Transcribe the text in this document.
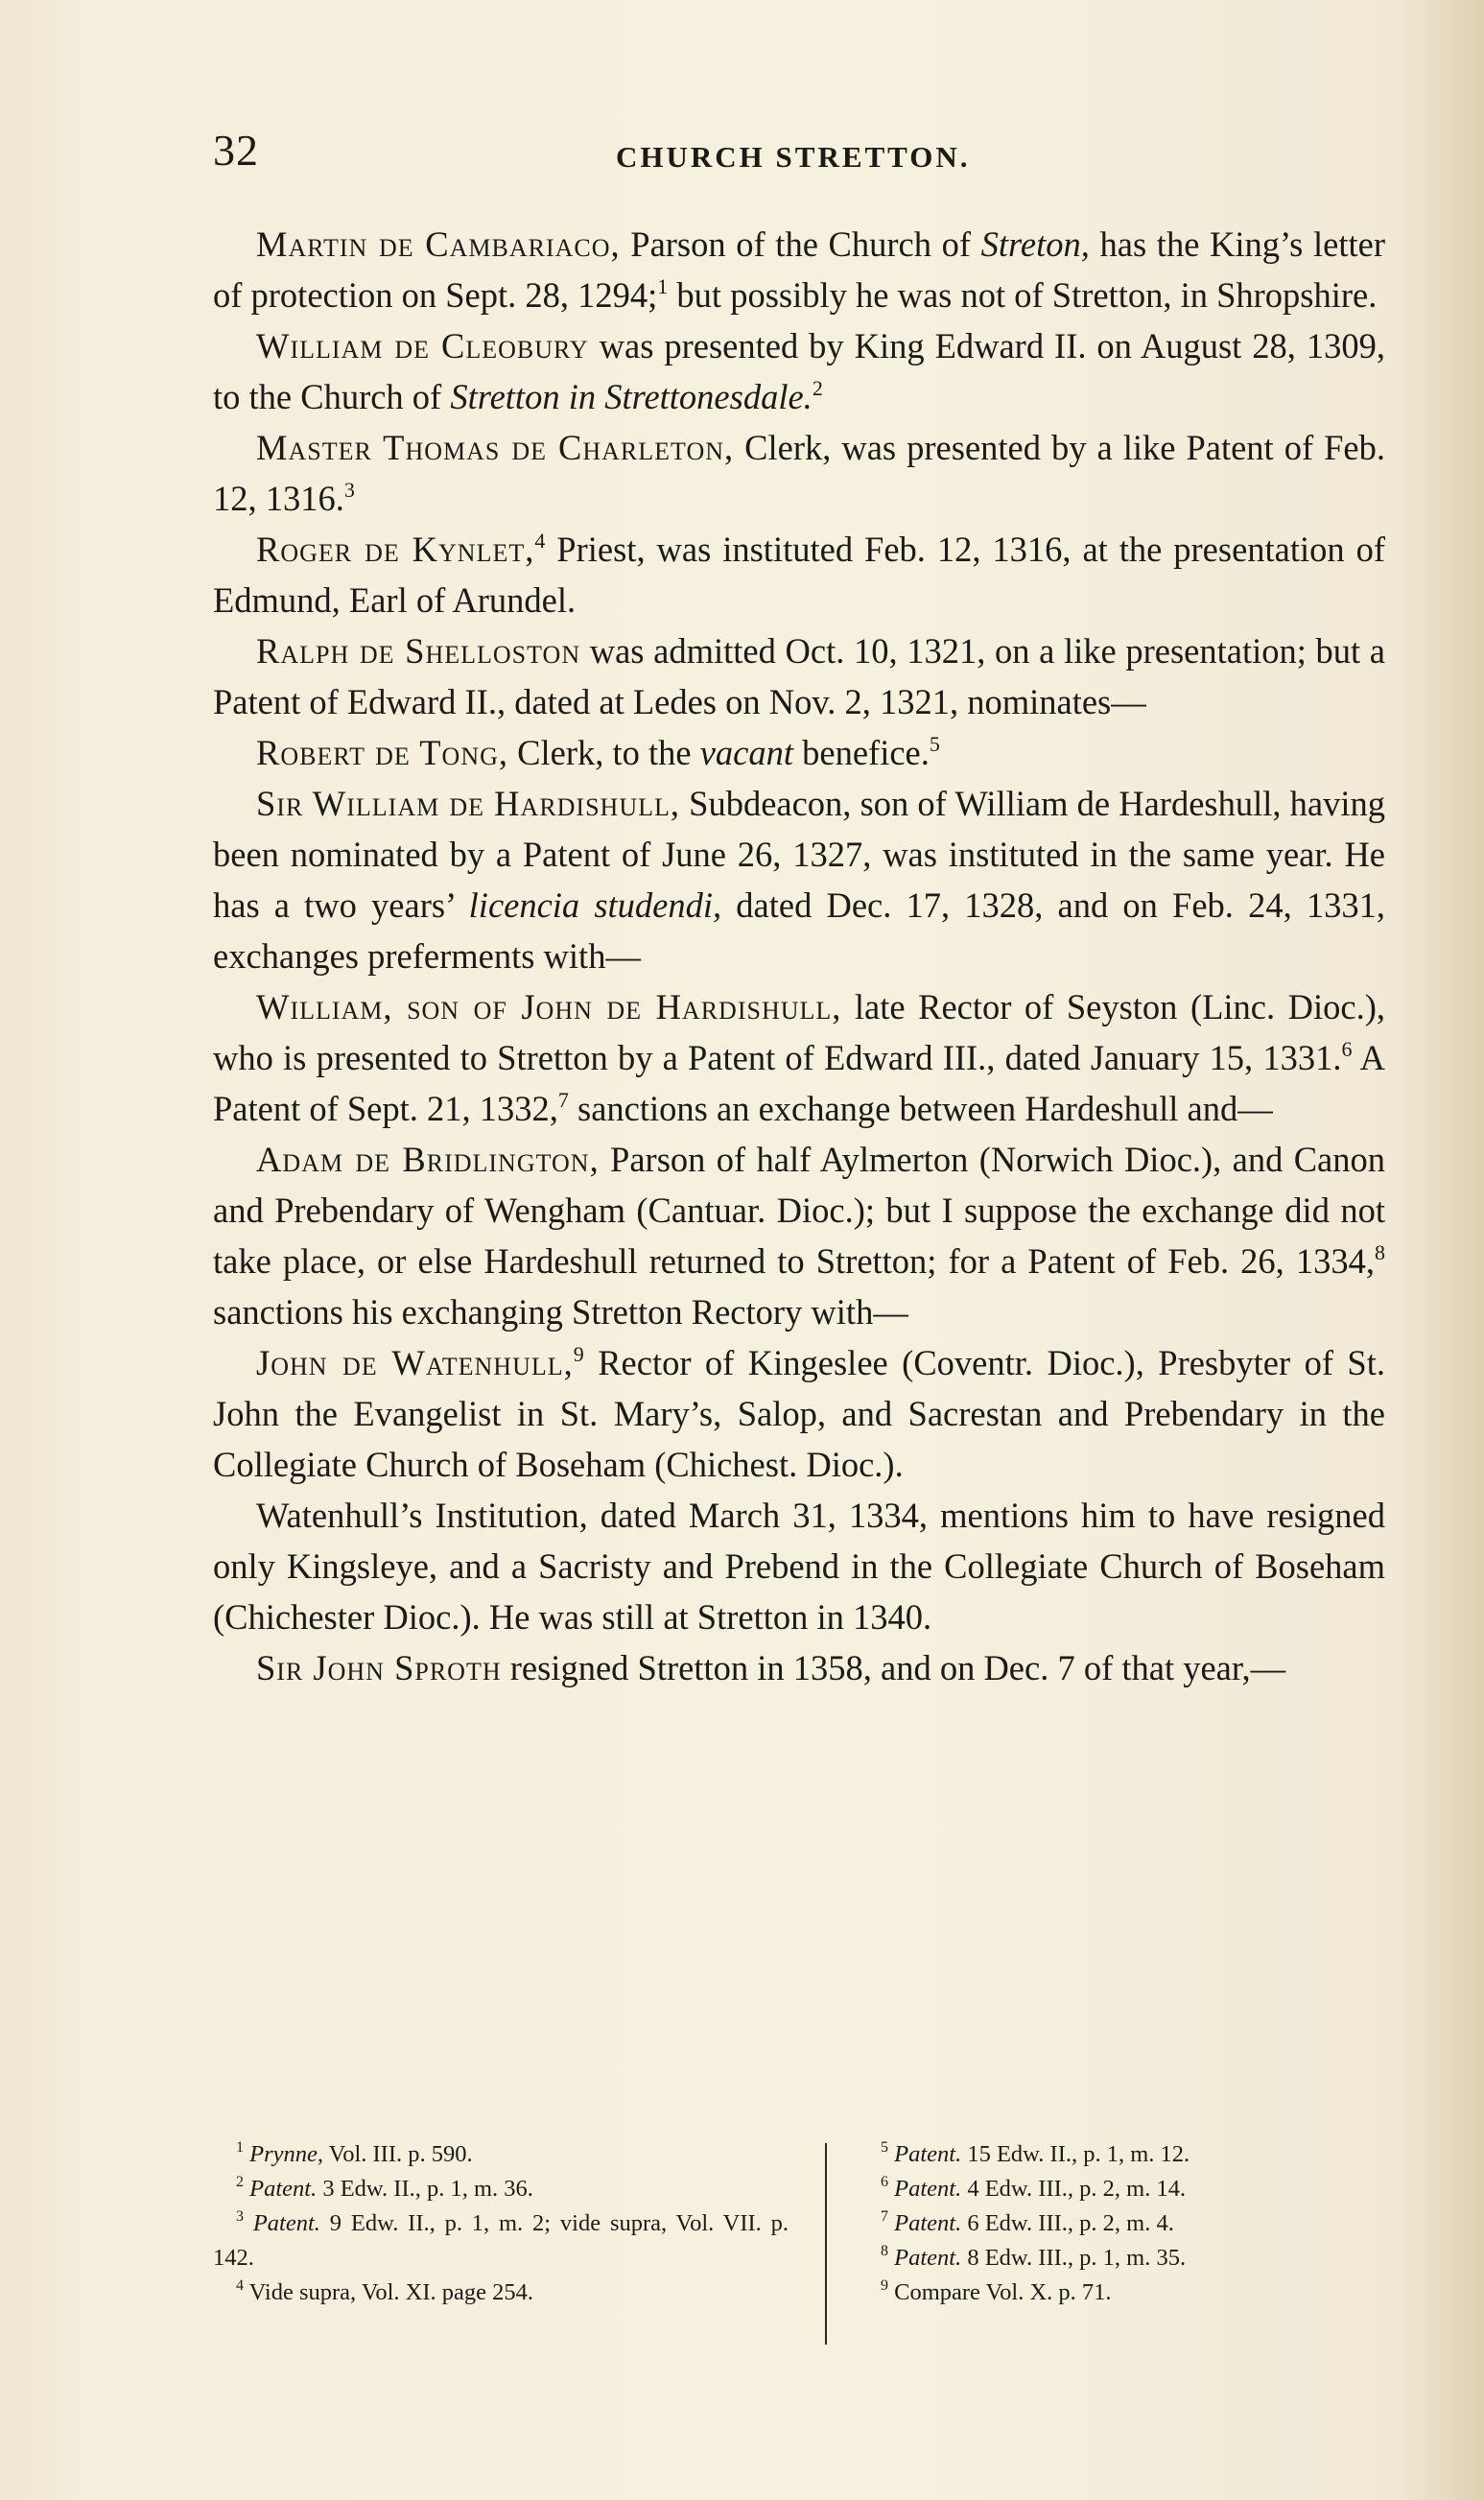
32	CHURCH STRETTON.

Martin de Cambariaco, Parson of the Church of Streton, has the King’s letter of protection on Sept. 28, 1294;$^1$ but possibly he was not of Stretton, in Shropshire.

William de Cleobury was presented by King Edward II. on August 28, 1309, to the Church of Stretton in Strettonesdale.$^2$

Master Thomas de Charleton, Clerk, was presented by a like Patent of Feb. 12, 1316.$^3$

Roger de Kynlet,$^4$ Priest, was instituted Feb. 12, 1316, at the presentation of Edmund, Earl of Arundel.

Ralph de Shelloston was admitted Oct. 10, 1321, on a like presentation; but a Patent of Edward II., dated at Ledes on Nov. 2, 1321, nominates—

Robert de Tong, Clerk, to the vacant benefice.$^5$

Sir William de Hardishull, Subdeacon, son of William de Hardeshull, having been nominated by a Patent of June 26, 1327, was instituted in the same year. He has a two years’ licencia studendi, dated Dec. 17, 1328, and on Feb. 24, 1331, exchanges preferments with—

William, son of John de Hardishull, late Rector of Seyston (Linc. Dioc.), who is presented to Stretton by a Patent of Edward III., dated January 15, 1331.$^6$ A Patent of Sept. 21, 1332,$^7$ sanctions an exchange between Hardeshull and—

Adam de Bridlington, Parson of half Aylmerton (Norwich Dioc.), and Canon and Prebendary of Wengham (Cantuar. Dioc.); but I suppose the exchange did not take place, or else Hardeshull returned to Stretton; for a Patent of Feb. 26, 1334,$^8$ sanctions his exchanging Stretton Rectory with—

John de Watenhull,$^9$ Rector of Kingeslee (Coventr. Dioc.), Presbyter of St. John the Evangelist in St. Mary’s, Salop, and Sacrestan and Prebendary in the Collegiate Church of Boseham (Chichest. Dioc.).

Watenhull’s Institution, dated March 31, 1334, mentions him to have resigned only Kingsleye, and a Sacristy and Prebend in the Collegiate Church of Boseham (Chichester Dioc.). He was still at Stretton in 1340.

Sir John Sproth resigned Stretton in 1358, and on Dec. 7 of that year,—

$^1$ Prynne, Vol. III. p. 590.

$^2$ Patent. 3 Edw. II., p. 1, m. 36.

$^3$ Patent. 9 Edw. II., p. 1, m. 2; vide supra, Vol. VII. p. 142.

$^4$ Vide supra, Vol. XI. page 254.

$^5$ Patent. 15 Edw. II., p. 1, m. 12.

$^6$ Patent. 4 Edw. III., p. 2, m. 14.

$^7$ Patent. 6 Edw. III., p. 2, m. 4.

$^8$ Patent. 8 Edw. III., p. 1, m. 35.

$^9$ Compare Vol. X. p. 71.
